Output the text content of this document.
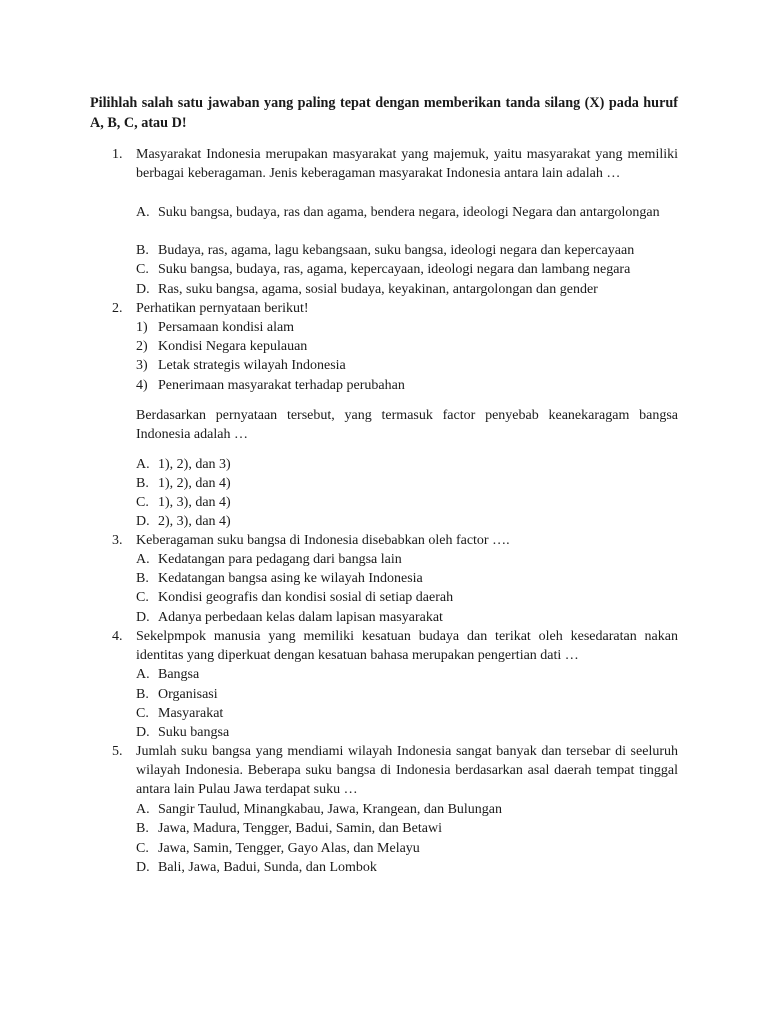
Pilihlah salah satu jawaban yang paling tepat dengan memberikan tanda silang (X) pada huruf A, B, C, atau D!
1. Masyarakat Indonesia merupakan masyarakat yang majemuk, yaitu masyarakat yang memiliki berbagai keberagaman. Jenis keberagaman masyarakat Indonesia antara lain adalah …
A. Suku bangsa, budaya, ras dan agama, bendera negara, ideologi Negara dan antargolongan
B. Budaya, ras, agama, lagu kebangsaan, suku bangsa, ideologi negara dan kepercayaan
C. Suku bangsa, budaya, ras, agama, kepercayaan, ideologi negara dan lambang negara
D. Ras, suku bangsa, agama, sosial budaya, keyakinan, antargolongan dan gender
2. Perhatikan pernyataan berikut!
1) Persamaan kondisi alam
2) Kondisi Negara kepulauan
3) Letak strategis wilayah Indonesia
4) Penerimaan masyarakat terhadap perubahan
Berdasarkan pernyataan tersebut, yang termasuk factor penyebab keanekaragam bangsa Indonesia adalah …
A. 1), 2), dan 3)
B. 1), 2), dan 4)
C. 1), 3), dan 4)
D. 2), 3), dan 4)
3. Keberagaman suku bangsa di Indonesia disebabkan oleh factor ….
A. Kedatangan para pedagang dari bangsa lain
B. Kedatangan bangsa asing ke wilayah Indonesia
C. Kondisi geografis dan kondisi sosial di setiap daerah
D. Adanya perbedaan kelas dalam lapisan masyarakat
4. Sekelpmpok manusia yang memiliki kesatuan budaya dan terikat oleh kesedaratan nakan identitas yang diperkuat dengan kesatuan bahasa merupakan pengertian dati …
A. Bangsa
B. Organisasi
C. Masyarakat
D. Suku bangsa
5. Jumlah suku bangsa yang mendiami wilayah Indonesia sangat banyak dan tersebar di seeluruh wilayah Indonesia. Beberapa suku bangsa di Indonesia berdasarkan asal daerah tempat tinggal antara lain Pulau Jawa terdapat suku …
A. Sangir Taulud, Minangkabau, Jawa, Krangean, dan Bulungan
B. Jawa, Madura, Tengger, Badui, Samin, dan Betawi
C. Jawa, Samin, Tengger, Gayo Alas, dan Melayu
D. Bali, Jawa, Badui, Sunda, dan Lombok
